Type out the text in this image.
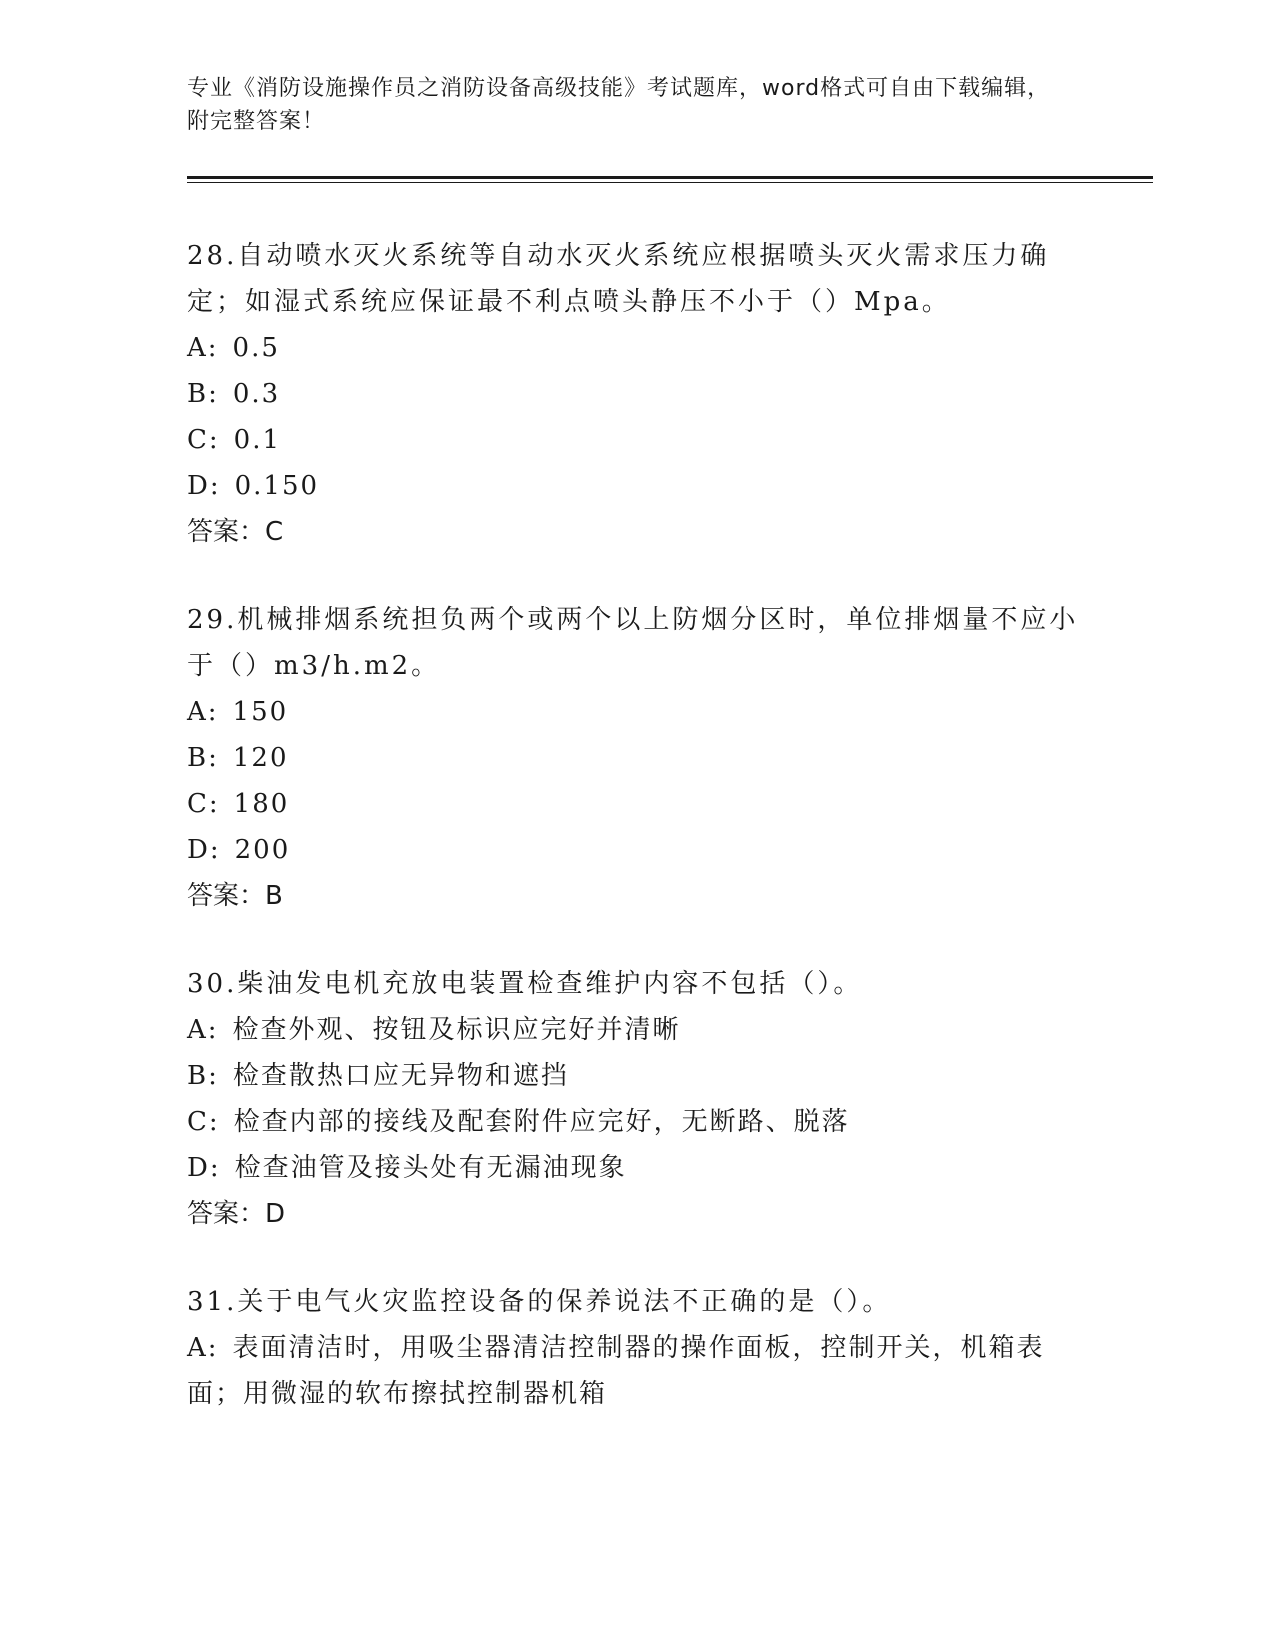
专业《消防设施操作员之消防设备高级技能》考试题库，word格式可自由下载编辑，附完整答案！

28.自动喷水灭火系统等自动水灭火系统应根据喷头灭火需求压力确定；如湿式系统应保证最不利点喷头静压不小于（）Mpa。

A: 0.5

B: 0.3

C: 0.1

D: 0.150

答案：C

29.机械排烟系统担负两个或两个以上防烟分区时，单位排烟量不应小于（）m3/h.m2。

A: 150

B: 120

C: 180

D: 200

答案：B

30.柴油发电机充放电装置检查维护内容不包括（）。

A: 检查外观、按钮及标识应完好并清晰

B: 检查散热口应无异物和遮挡

C: 检查内部的接线及配套附件应完好，无断路、脱落

D: 检查油管及接头处有无漏油现象

答案：D

31.关于电气火灾监控设备的保养说法不正确的是（）。

A: 表面清洁时，用吸尘器清洁控制器的操作面板，控制开关，机箱表面；用微湿的软布擦拭控制器机箱
